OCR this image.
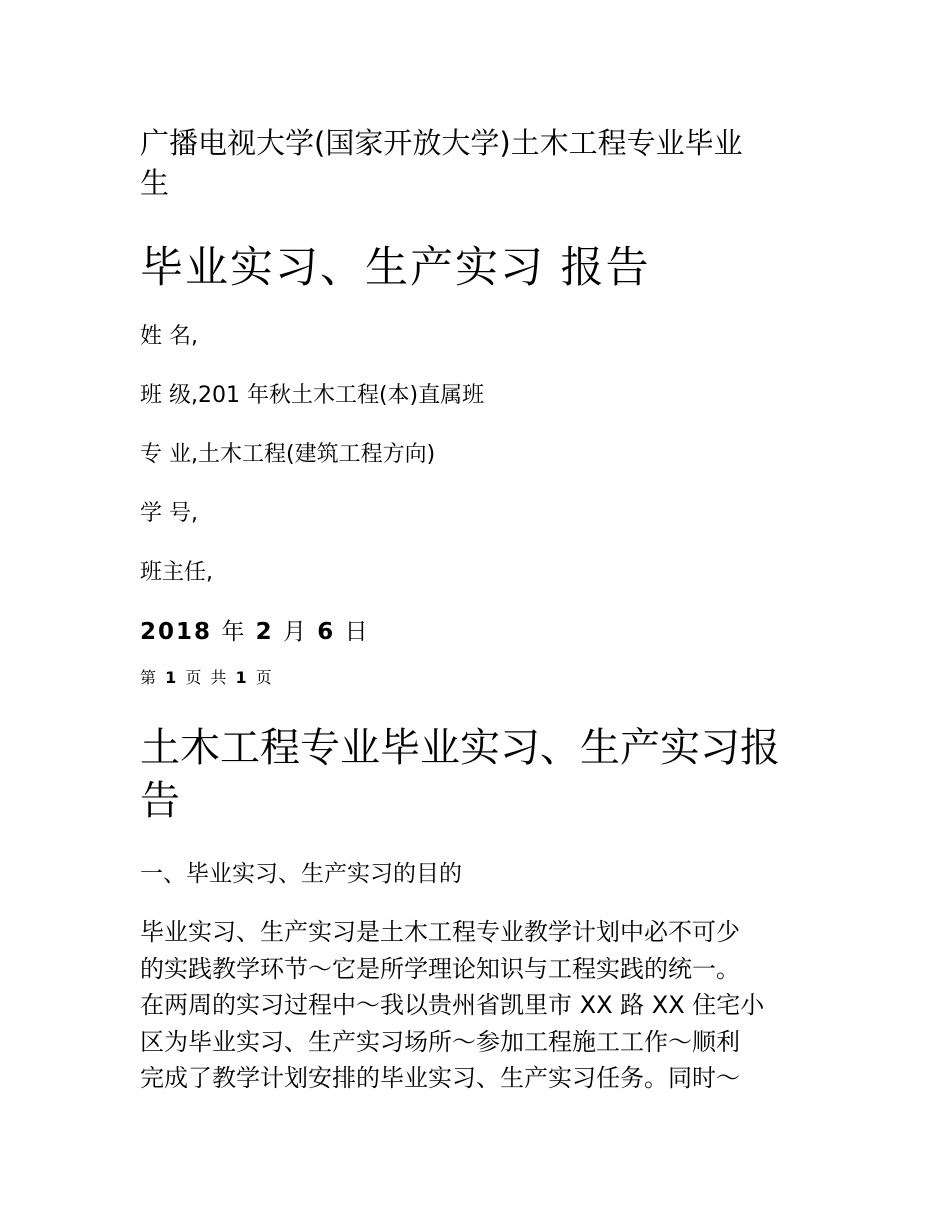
广播电视大学(国家开放大学)土木工程专业毕业
生
毕业实习、生产实习 报告

姓 名,

班 级,201 年秋土木工程(本)直属班

专 业,土木工程(建筑工程方向)

学 号,

班主任,

2018 年 2 月 6 日

第 1 页 共 1 页

土木工程专业毕业实习、生产实习报
告
一、毕业实习、生产实习的目的
毕业实习、生产实习是土木工程专业教学计划中必不可少
的实践教学环节～它是所学理论知识与工程实践的统一。
在两周的实习过程中～我以贵州省凯里市 XX 路 XX 住宅小
区为毕业实习、生产实习场所～参加工程施工工作～顺利
完成了教学计划安排的毕业实习、生产实习任务。同时～
